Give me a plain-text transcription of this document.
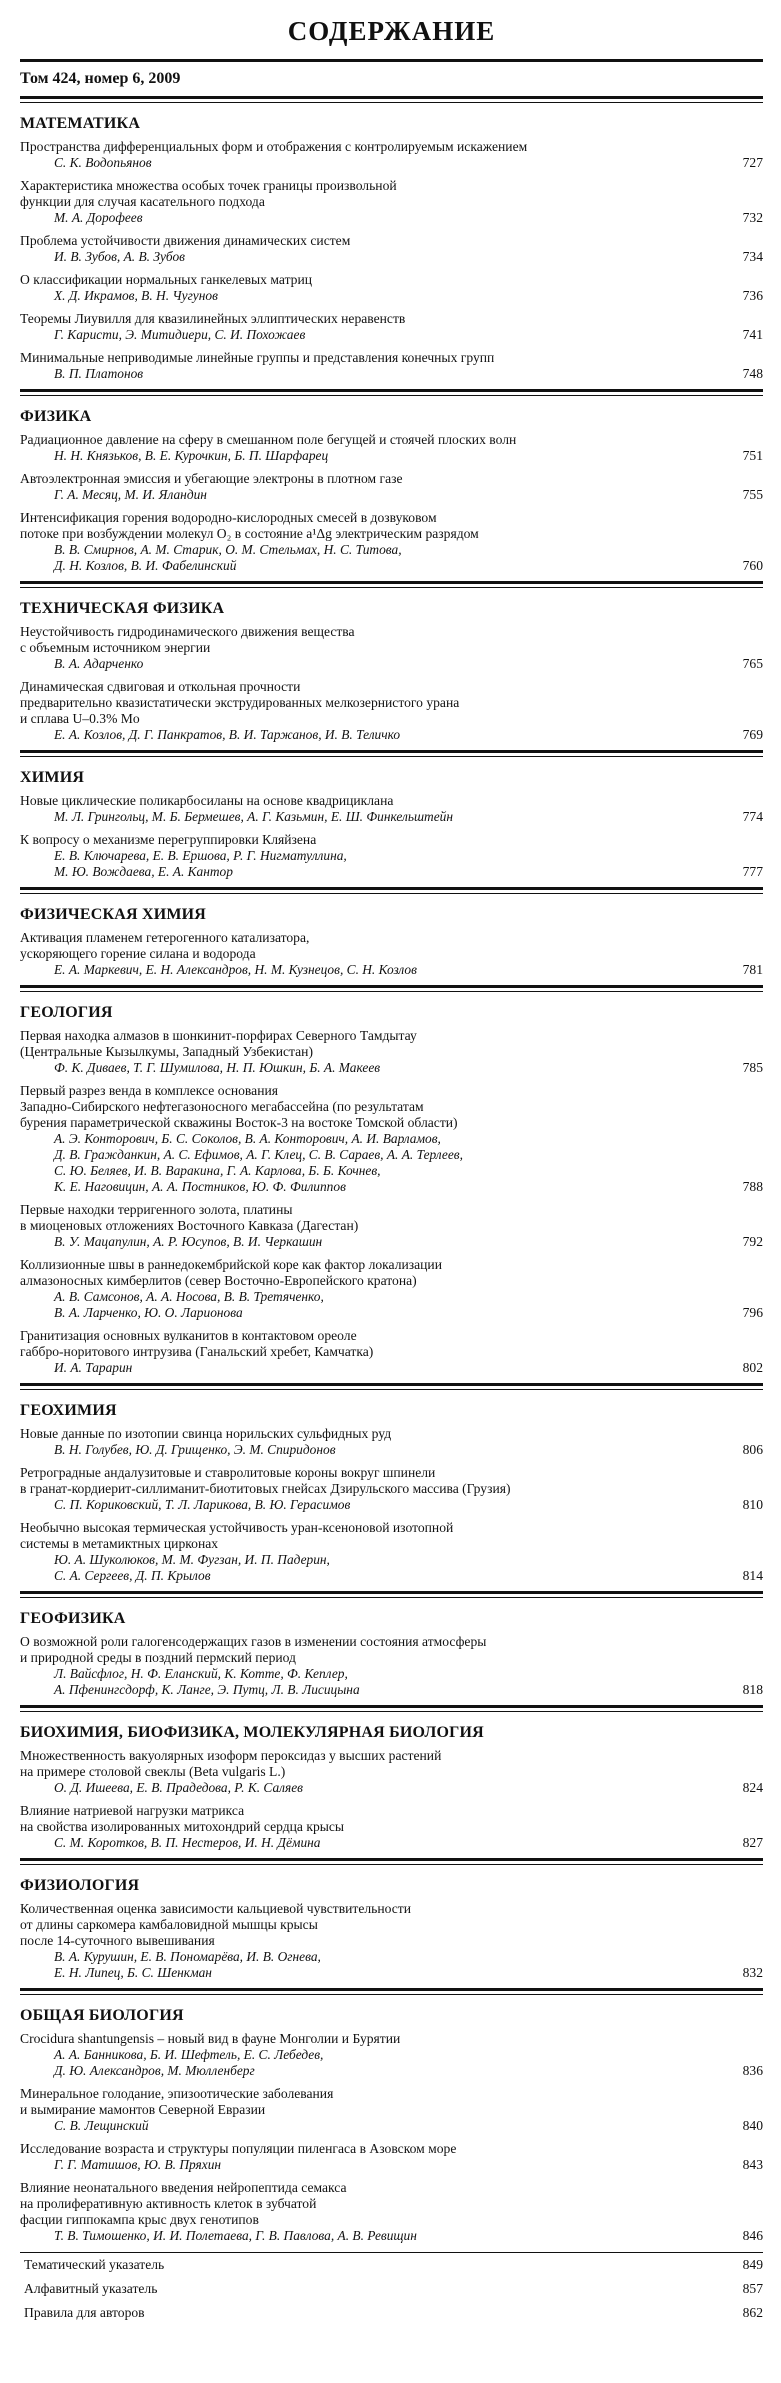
СОДЕРЖАНИЕ
Том 424, номер 6, 2009
МАТЕМАТИКА
Пространства дифференциальных форм и отображения с контролируемым искажением
С. К. Водопьянов	727
Характеристика множества особых точек границы произвольной
функции для случая касательного подхода
М. А. Дорофеев	732
Проблема устойчивости движения динамических систем
И. В. Зубов, А. В. Зубов	734
О классификации нормальных ганкелевых матриц
Х. Д. Икрамов, В. Н. Чугунов	736
Теоремы Лиувилля для квазилинейных эллиптических неравенств
Г. Каристи, Э. Митидиери, С. И. Похожаев	741
Минимальные неприводимые линейные группы и представления конечных групп
В. П. Платонов	748
ФИЗИКА
Радиационное давление на сферу в смешанном поле бегущей и стоячей плоских волн
Н. Н. Князьков, В. Е. Курочкин, Б. П. Шарфарец	751
Автоэлектронная эмиссия и убегающие электроны в плотном газе
Г. А. Месяц, М. И. Яландин	755
Интенсификация горения водородно-кислородных смесей в дозвуковом
потоке при возбуждении молекул O₂ в состояние a¹Δg электрическим разрядом
В. В. Смирнов, А. М. Старик, О. М. Стельмах, Н. С. Титова,
Д. Н. Козлов, В. И. Фабелинский	760
ТЕХНИЧЕСКАЯ ФИЗИКА
Неустойчивость гидродинамического движения вещества
с объемным источником энергии
В. А. Адарченко	765
Динамическая сдвиговая и откольная прочности
предварительно квазистатически экструдированных мелкозернистого урана
и сплава U–0.3% Mo
Е. А. Козлов, Д. Г. Панкратов, В. И. Таржанов, И. В. Теличко	769
ХИМИЯ
Новые циклические поликарбосиланы на основе квадрициклана
М. Л. Грингольц, М. Б. Бермешев, А. Г. Казьмин, Е. Ш. Финкельштейн	774
К вопросу о механизме перегруппировки Кляйзена
Е. В. Ключарева, Е. В. Ершова, Р. Г. Нигматуллина,
М. Ю. Вождаева, Е. А. Кантор	777
ФИЗИЧЕСКАЯ ХИМИЯ
Активация пламенем гетерогенного катализатора,
ускоряющего горение силана и водорода
Е. А. Маркевич, Е. Н. Александров, Н. М. Кузнецов, С. Н. Козлов	781
ГЕОЛОГИЯ
Первая находка алмазов в шонкинит-порфирах Северного Тамдытау
(Центральные Кызылкумы, Западный Узбекистан)
Ф. К. Диваев, Т. Г. Шумилова, Н. П. Юшкин, Б. А. Макеев	785
Первый разрез венда в комплексе основания
Западно-Сибирского нефтегазоносного мегабассейна (по результатам
бурения параметрической скважины Восток-3 на востоке Томской области)
А. Э. Конторович, Б. С. Соколов, В. А. Конторович, А. И. Варламов,
Д. В. Гражданкин, А. С. Ефимов, А. Г. Клец, С. В. Сараев, А. А. Терлеев,
С. Ю. Беляев, И. В. Варакина, Г. А. Карлова, Б. Б. Кочнев,
К. Е. Наговицин, А. А. Постников, Ю. Ф. Филиппов	788
Первые находки терригенного золота, платины
в миоценовых отложениях Восточного Кавказа (Дагестан)
В. У. Мацапулин, А. Р. Юсупов, В. И. Черкашин	792
Коллизионные швы в раннедокембрийской коре как фактор локализации
алмазоносных кимберлитов (север Восточно-Европейского кратона)
А. В. Самсонов, А. А. Носова, В. В. Третяченко,
В. А. Ларченко, Ю. О. Ларионова	796
Гранитизация основных вулканитов в контактовом ореоле
габбро-норитового интрузива (Ганальский хребет, Камчатка)
И. А. Тарарин	802
ГЕОХИМИЯ
Новые данные по изотопии свинца норильских сульфидных руд
В. Н. Голубев, Ю. Д. Грищенко, Э. М. Спиридонов	806
Ретроградные андалузитовые и ставролитовые короны вокруг шпинели
в гранат-кордиерит-силлиманит-биотитовых гнейсах Дзирульского массива (Грузия)
С. П. Кориковский, Т. Л. Ларикова, В. Ю. Герасимов	810
Необычно высокая термическая устойчивость уран-ксеноновой изотопной
системы в метамиктных цирконах
Ю. А. Шуколюков, М. М. Фугзан, И. П. Падерин,
С. А. Сергеев, Д. П. Крылов	814
ГЕОФИЗИКА
О возможной роли галогенсодержащих газов в изменении состояния атмосферы
и природной среды в поздний пермский период
Л. Вайсфлог, Н. Ф. Еланский, К. Котте, Ф. Кеплер,
А. Пфенингсдорф, К. Ланге, Э. Путц, Л. В. Лисицына	818
БИОХИМИЯ, БИОФИЗИКА, МОЛЕКУЛЯРНАЯ БИОЛОГИЯ
Множественность вакуолярных изоформ пероксидаз у высших растений
на примере столовой свеклы (Beta vulgaris L.)
О. Д. Ишеева, Е. В. Прадедова, Р. К. Саляев	824
Влияние натриевой нагрузки матрикса
на свойства изолированных митохондрий сердца крысы
С. М. Коротков, В. П. Нестеров, И. Н. Дёмина	827
ФИЗИОЛОГИЯ
Количественная оценка зависимости кальциевой чувствительности
от длины саркомера камбаловидной мышцы крысы
после 14-суточного вывешивания
В. А. Курушин, Е. В. Пономарёва, И. В. Огнева,
Е. Н. Липец, Б. С. Шенкман	832
ОБЩАЯ БИОЛОГИЯ
Crocidura shantungensis – новый вид в фауне Монголии и Бурятии
А. А. Банникова, Б. И. Шефтель, Е. С. Лебедев,
Д. Ю. Александров, М. Мюлленберг	836
Минеральное голодание, эпизоотические заболевания
и вымирание мамонтов Северной Евразии
С. В. Лещинский	840
Исследование возраста и структуры популяции пиленгаса в Азовском море
Г. Г. Матишов, Ю. В. Пряхин	843
Влияние неонатального введения нейропептида семакса
на пролиферативную активность клеток в зубчатой
фасции гиппокампа крыс двух генотипов
Т. В. Тимошенко, И. И. Полетаева, Г. В. Павлова, А. В. Ревищин	846
Тематический указатель	849
Алфавитный указатель	857
Правила для авторов	862
